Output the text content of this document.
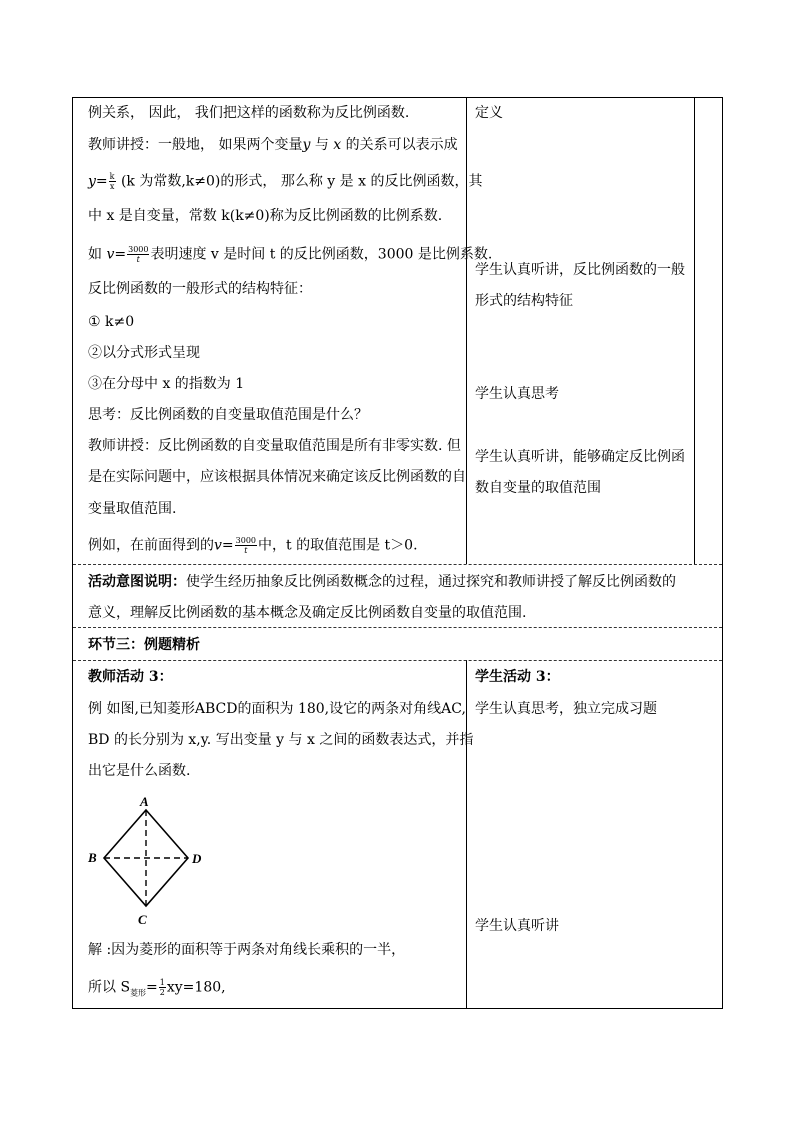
例关系， 因此， 我们把这样的函数称为反比例函数.
教师讲授：一般地， 如果两个变量y 与 x 的关系可以表示成
$y= \frac{k}{x} (k$ 为常数,k≠0)的形式， 那么称 y 是 x 的反比例函数，其
中 x 是自变量，常数 k(k≠0)称为反比例函数的比例系数.
如 $v= \frac{3000}{t}$表明速度 v 是时间 t 的反比例函数，3000 是比例系数.
反比例函数的一般形式的结构特征：
① k≠0
②以分式形式呈现
③在分母中 x 的指数为 1
思考：反比例函数的自变量取值范围是什么？
教师讲授：反比例函数的自变量取值范围是所有非零实数. 但
是在实际问题中，应该根据具体情况来确定该反比例函数的自
变量取值范围.
例如，在前面得到的$v= \frac{3000}{t}$中，t 的取值范围是 t＞0.
定义
学生认真听讲，反比例函数的一般
形式的结构特征
学生认真思考
学生认真听讲，能够确定反比例函
数自变量的取值范围
活动意图说明：使学生经历抽象反比例函数概念的过程，通过探究和教师讲授了解反比例函数的
意义，理解反比例函数的基本概念及确定反比例函数自变量的取值范围.
环节三：例题精析
教师活动 3：
例 如图,已知菱形ABCD的面积为 180,设它的两条对角线AC,
BD 的长分别为 x,y. 写出变量 y 与 x 之间的函数表达式，并指
出它是什么函数.
A
B	D
C
解 :因为菱形的面积等于两条对角线长乘积的一半，
所以 $S_{菱形}= \frac{1}{2} xy=180$,
学生活动 3：
学生认真思考，独立完成习题
学生认真听讲
